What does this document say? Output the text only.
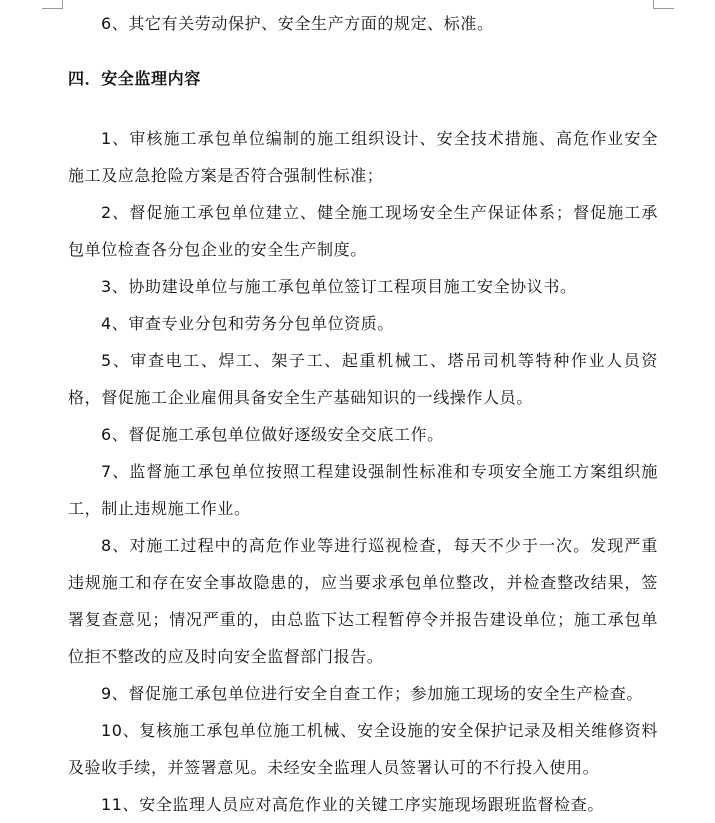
6、其它有关劳动保护、安全生产方面的规定、标准。

四．安全监理内容

1、审核施工承包单位编制的施工组织设计、安全技术措施、高危作业安全施工及应急抢险方案是否符合强制性标准；

2、督促施工承包单位建立、健全施工现场安全生产保证体系；督促施工承包单位检查各分包企业的安全生产制度。

3、协助建设单位与施工承包单位签订工程项目施工安全协议书。

4、审查专业分包和劳务分包单位资质。

5、审查电工、焊工、架子工、起重机械工、塔吊司机等特种作业人员资格，督促施工企业雇佣具备安全生产基础知识的一线操作人员。

6、督促施工承包单位做好逐级安全交底工作。

7、监督施工承包单位按照工程建设强制性标准和专项安全施工方案组织施工，制止违规施工作业。

8、对施工过程中的高危作业等进行巡视检查，每天不少于一次。发现严重违规施工和存在安全事故隐患的，应当要求承包单位整改，并检查整改结果，签署复查意见；情况严重的，由总监下达工程暂停令并报告建设单位；施工承包单位拒不整改的应及时向安全监督部门报告。

9、督促施工承包单位进行安全自查工作；参加施工现场的安全生产检查。

10、复核施工承包单位施工机械、安全设施的安全保护记录及相关维修资料及验收手续，并签署意见。未经安全监理人员签署认可的不行投入使用。

11、安全监理人员应对高危作业的关键工序实施现场跟班监督检查。
